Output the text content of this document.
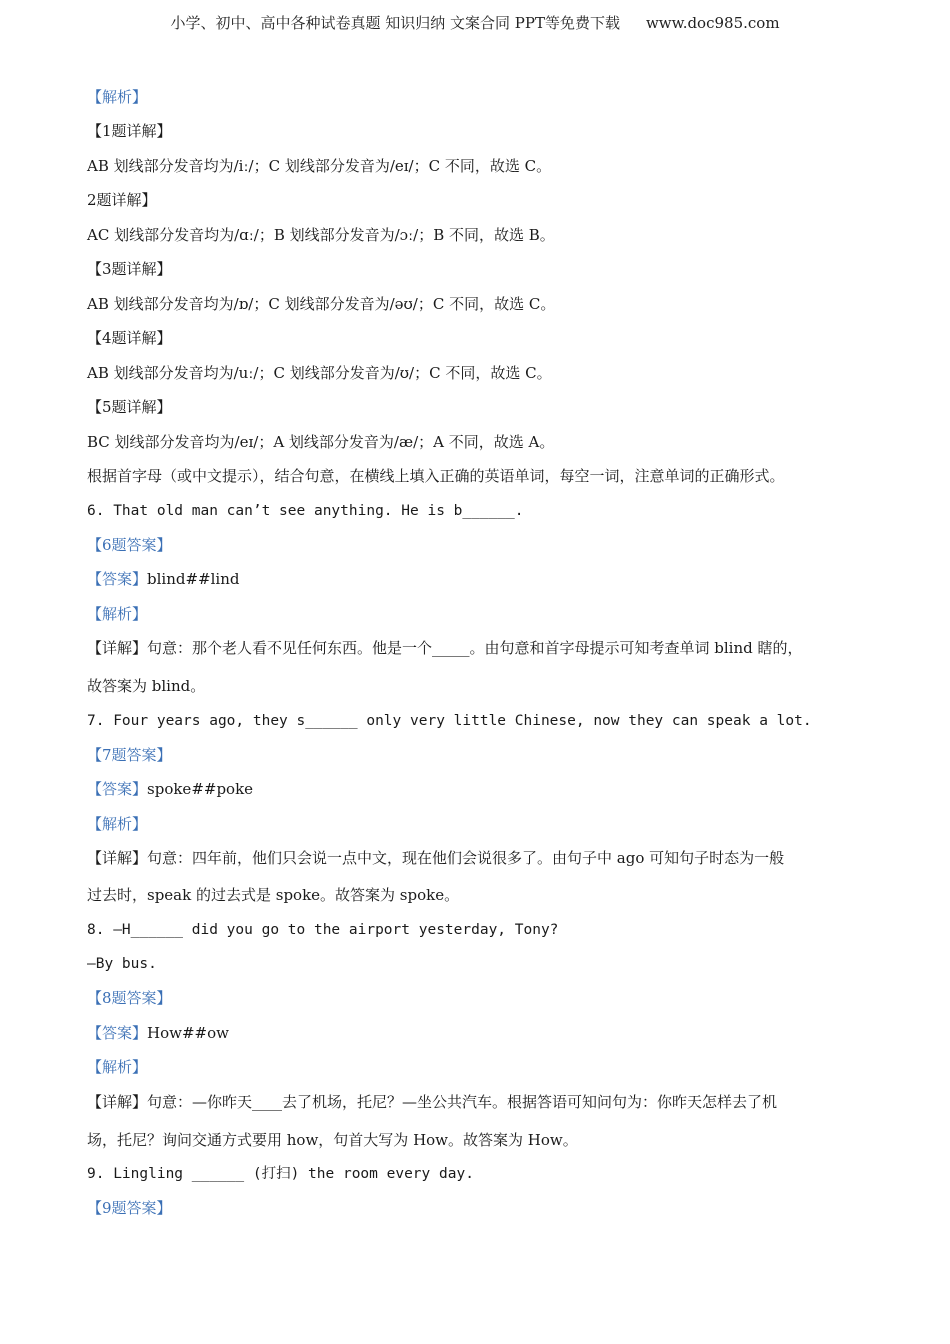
小学、初中、高中各种试卷真题 知识归纳 文案合同 PPT等免费下载 www.doc985.com
【解析】
【1题详解】
AB 划线部分发音均为/iː/；C 划线部分发音为/eɪ/；C 不同，故选 C。
2题详解】
AC 划线部分发音均为/ɑː/；B 划线部分发音为/ɔː/；B 不同，故选 B。
【3题详解】
AB 划线部分发音均为/ɒ/；C 划线部分发音为/əʊ/；C 不同，故选 C。
【4题详解】
AB 划线部分发音均为/uː/；C 划线部分发音为/ʊ/；C 不同，故选 C。
【5题详解】
BC 划线部分发音均为/eɪ/；A 划线部分发音为/æ/；A 不同，故选 A。
根据首字母（或中文提示），结合句意，在横线上填入正确的英语单词，每空一词，注意单词的正确形式。
6. That old man can’t see anything. He is b______.
【6题答案】
【答案】blind##lind
【解析】
【详解】句意：那个老人看不见任何东西。他是一个_____。由句意和首字母提示可知考查单词 blind 瞎的，
故答案为 blind。
7. Four years ago, they s______ only very little Chinese, now they can speak a lot.
【7题答案】
【答案】spoke##poke
【解析】
【详解】句意：四年前，他们只会说一点中文，现在他们会说很多了。由句子中 ago 可知句子时态为一般
过去时，speak 的过去式是 spoke。故答案为 spoke。
8. —H______ did you go to the airport yesterday, Tony?
—By bus.
【8题答案】
【答案】How##ow
【解析】
【详解】句意：—你昨天____去了机场，托尼？—坐公共汽车。根据答语可知问句为：你昨天怎样去了机
场，托尼？询问交通方式要用 how，句首大写为 How。故答案为 How。
9. Lingling ______ (打扫) the room every day.
【9题答案】
